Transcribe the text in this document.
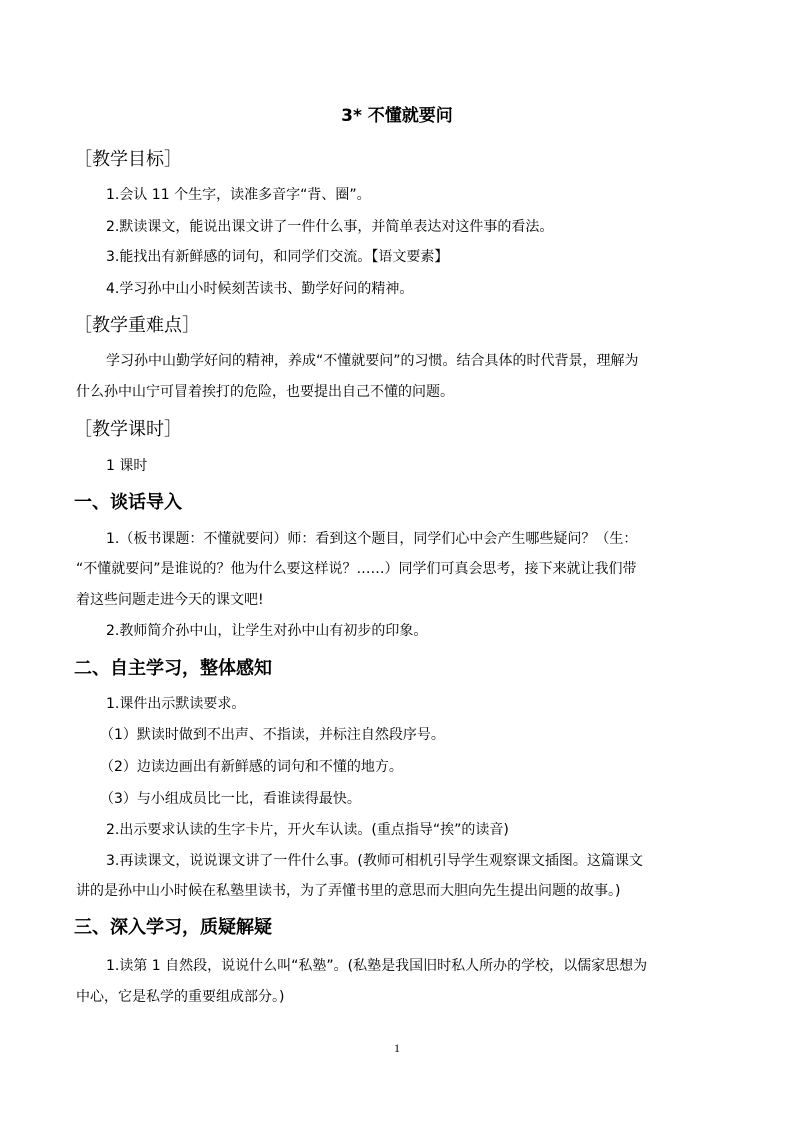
3* 不懂就要问
［教学目标］
1.会认 11 个生字，读准多音字“背、圈”。
2.默读课文，能说出课文讲了一件什么事，并简单表达对这件事的看法。
3.能找出有新鲜感的词句，和同学们交流。【语文要素】
4.学习孙中山小时候刻苦读书、勤学好问的精神。
［教学重难点］
学习孙中山勤学好问的精神，养成“不懂就要问”的习惯。结合具体的时代背景，理解为
什么孙中山宁可冒着挨打的危险，也要提出自己不懂的问题。
［教学课时］
1 课时
一、谈话导入
1.（板书课题：不懂就要问）师：看到这个题目，同学们心中会产生哪些疑问？（生：
“不懂就要问”是谁说的？他为什么要这样说？……）同学们可真会思考，接下来就让我们带
着这些问题走进今天的课文吧!
2.教师简介孙中山，让学生对孙中山有初步的印象。
二、自主学习，整体感知
1.课件出示默读要求。
（1）默读时做到不出声、不指读，并标注自然段序号。
（2）边读边画出有新鲜感的词句和不懂的地方。
（3）与小组成员比一比，看谁读得最快。
2.出示要求认读的生字卡片，开火车认读。(重点指导“挨”的读音)
3.再读课文，说说课文讲了一件什么事。(教师可相机引导学生观察课文插图。这篇课文
讲的是孙中山小时候在私塾里读书，为了弄懂书里的意思而大胆向先生提出问题的故事。)
三、深入学习，质疑解疑
1.读第 1 自然段，说说什么叫“私塾”。(私塾是我国旧时私人所办的学校，以儒家思想为
中心，它是私学的重要组成部分。)
1
